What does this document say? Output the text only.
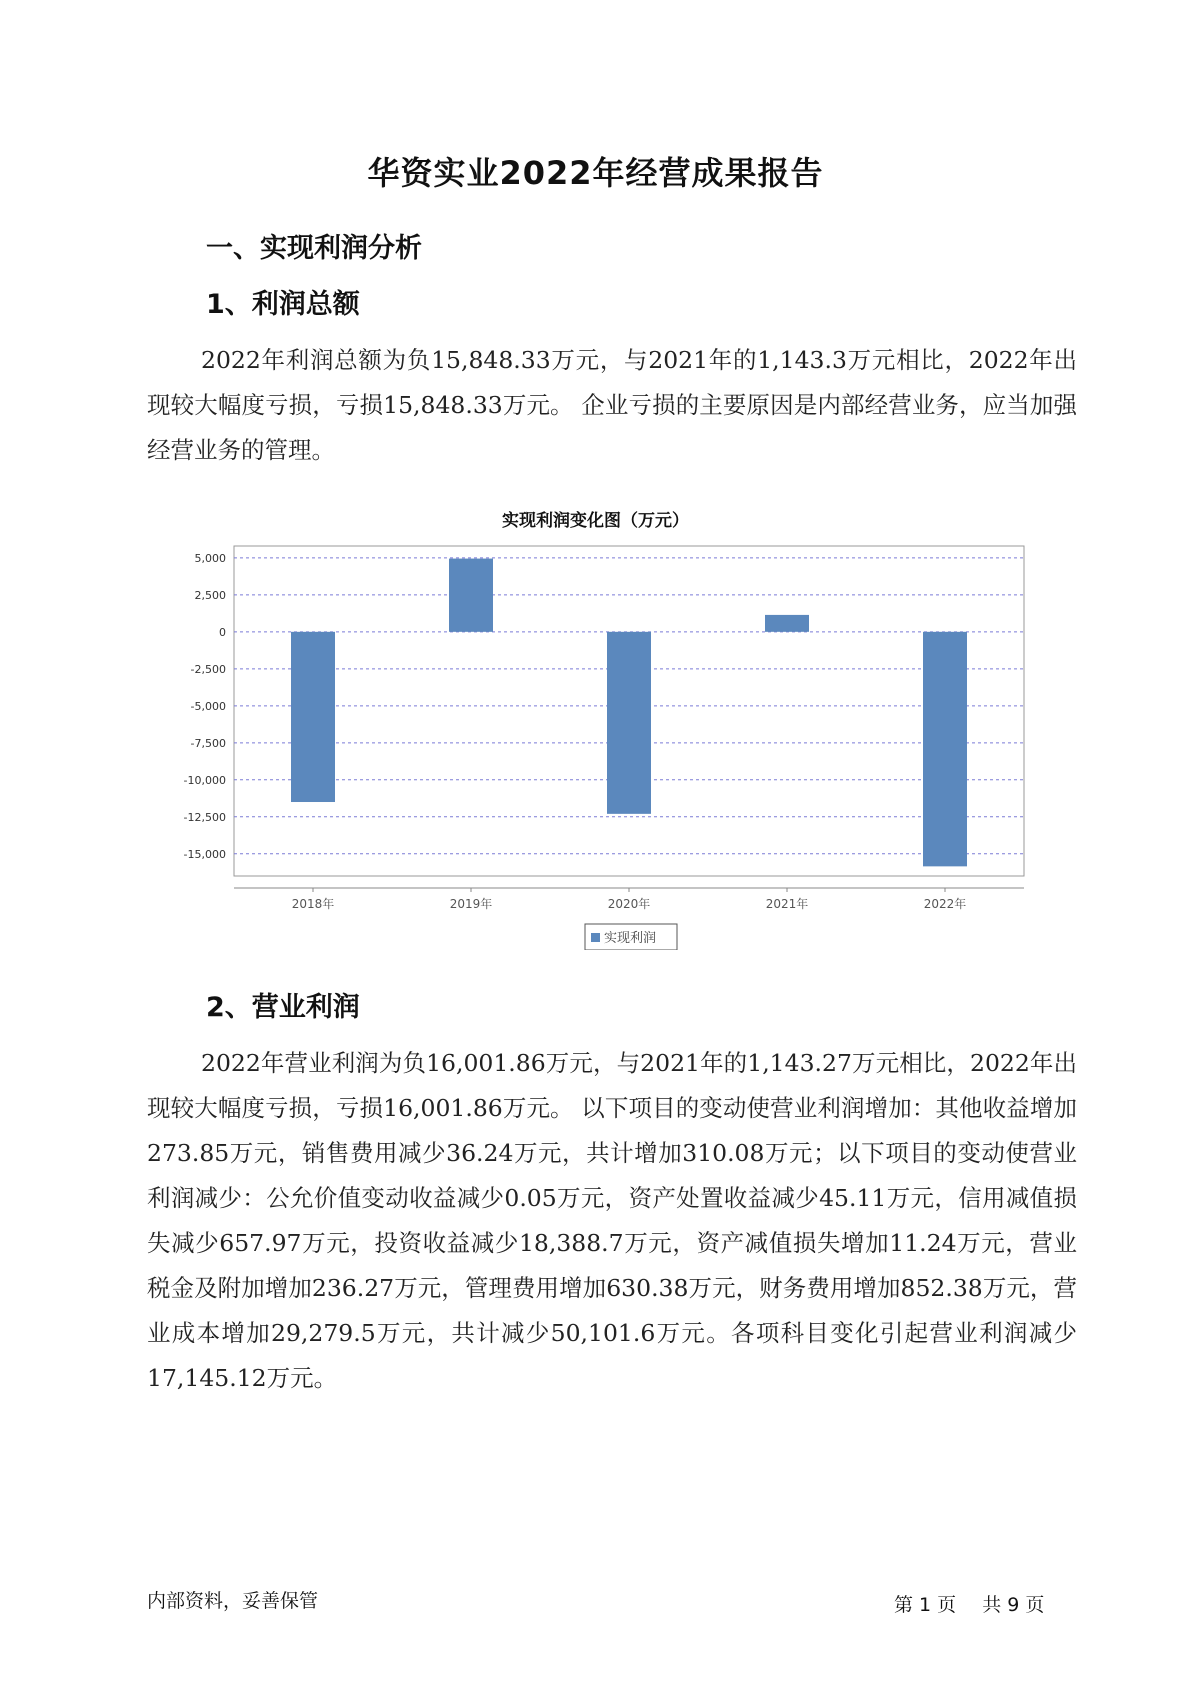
华资实业2022年经营成果报告
一、实现利润分析
1、利润总额
2022年利润总额为负15,848.33万元，与2021年的1,143.3万元相比，2022年出现较大幅度亏损，亏损15,848.33万元。 企业亏损的主要原因是内部经营业务，应当加强经营业务的管理。
实现利润变化图（万元）
5,000
2,500
0
-2,500
-5,000
-7,500
-10,000
-12,500
-15,000
2018年	2019年	2020年	2021年	2022年
实现利润
2、营业利润
2022年营业利润为负16,001.86万元，与2021年的1,143.27万元相比，2022年出现较大幅度亏损，亏损16,001.86万元。 以下项目的变动使营业利润增加：其他收益增加273.85万元，销售费用减少36.24万元，共计增加310.08万元；以下项目的变动使营业利润减少：公允价值变动收益减少0.05万元，资产处置收益减少45.11万元，信用减值损失减少657.97万元，投资收益减少18,388.7万元，资产减值损失增加11.24万元，营业税金及附加增加236.27万元，管理费用增加630.38万元，财务费用增加852.38万元，营业成本增加29,279.5万元，共计减少50,101.6万元。各项科目变化引起营业利润减少17,145.12万元。
内部资料，妥善保管	第 1 页 共 9 页
